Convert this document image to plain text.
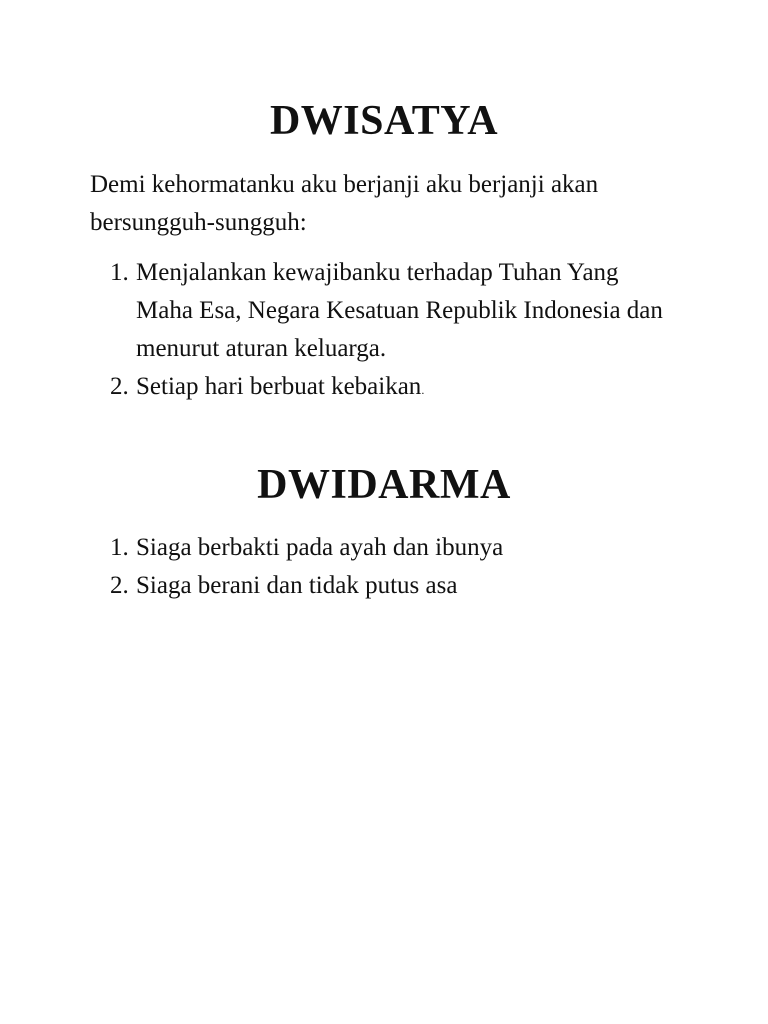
DWISATYA

Demi kehormatanku aku berjanji aku berjanji akan bersungguh-sungguh:

1. Menjalankan kewajibanku terhadap Tuhan Yang Maha Esa, Negara Kesatuan Republik Indonesia dan menurut aturan keluarga.
2. Setiap hari berbuat kebaikan.
DWIDARMA
1. Siaga berbakti pada ayah dan ibunya
2. Siaga berani dan tidak putus asa
